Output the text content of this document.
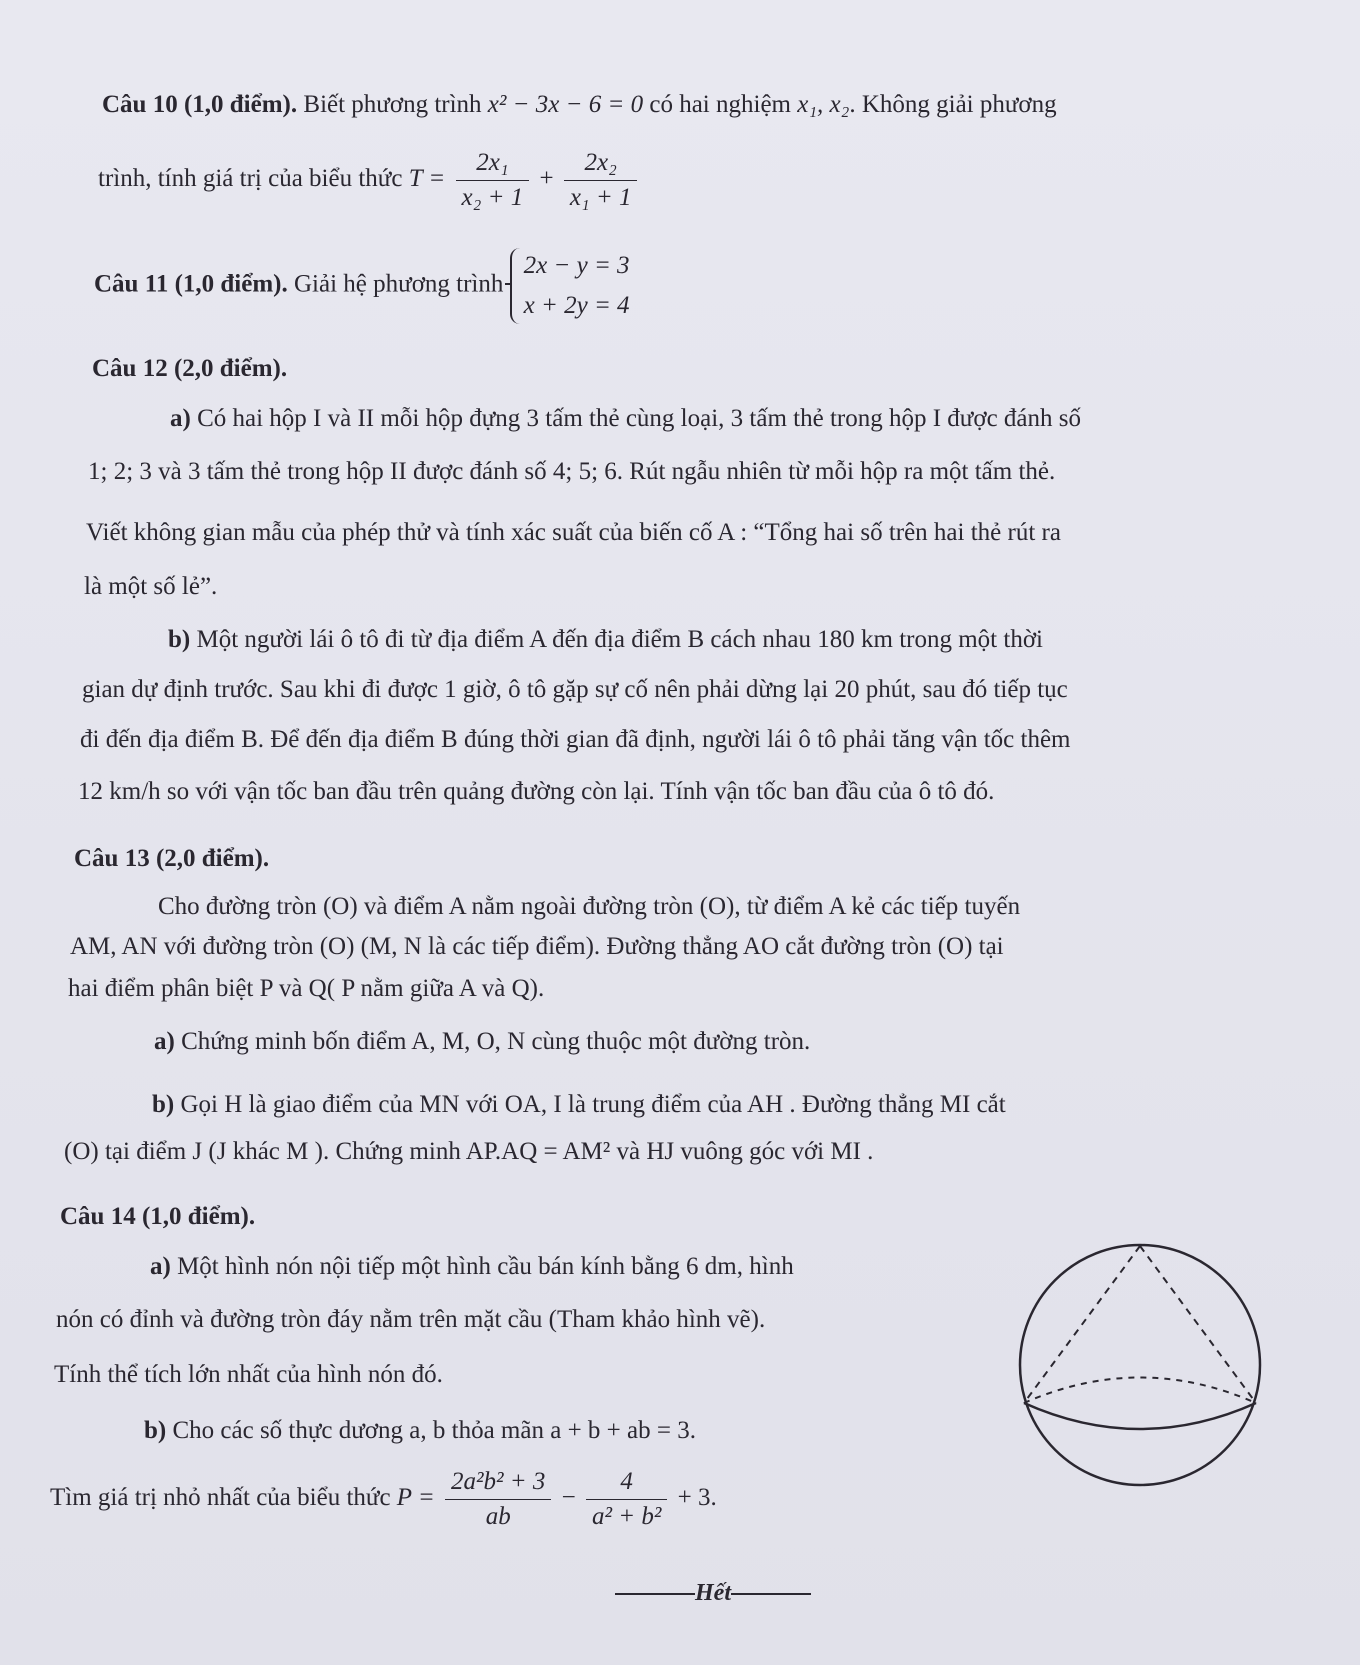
Câu 10 (1,0 điểm). Biết phương trình x² − 3x − 6 = 0 có hai nghiệm x₁, x₂. Không giải phương
trình, tính giá trị của biểu thức $T = \frac{\text{2x₁}}{\text{x₂ + 1}} + \frac{\text{2x₂}}{\text{x₁ + 1}}$
Câu 11 (1,0 điểm). Giải hệ phương trình
2x − y = 3
x + 2y = 4
Câu 12 (2,0 điểm).
a) Có hai hộp I và II mỗi hộp đựng 3 tấm thẻ cùng loại, 3 tấm thẻ trong hộp I được đánh số
1; 2; 3 và 3 tấm thẻ trong hộp II được đánh số 4; 5; 6. Rút ngẫu nhiên từ mỗi hộp ra một tấm thẻ.
Viết không gian mẫu của phép thử và tính xác suất của biến cố A : “Tổng hai số trên hai thẻ rút ra
là một số lẻ”.
b) Một người lái ô tô đi từ địa điểm A đến địa điểm B cách nhau 180 km trong một thời
gian dự định trước. Sau khi đi được 1 giờ, ô tô gặp sự cố nên phải dừng lại 20 phút, sau đó tiếp tục
đi đến địa điểm B. Để đến địa điểm B đúng thời gian đã định, người lái ô tô phải tăng vận tốc thêm
12 km/h so với vận tốc ban đầu trên quảng đường còn lại. Tính vận tốc ban đầu của ô tô đó.
Câu 13 (2,0 điểm).
Cho đường tròn (O) và điểm A nằm ngoài đường tròn (O), từ điểm A kẻ các tiếp tuyến
AM, AN với đường tròn (O) (M, N là các tiếp điểm). Đường thẳng AO cắt đường tròn (O) tại
hai điểm phân biệt P và Q( P nằm giữa A và Q).
a) Chứng minh bốn điểm A, M, O, N cùng thuộc một đường tròn.
b) Gọi H là giao điểm của MN với OA, I là trung điểm của AH . Đường thẳng MI cắt
(O) tại điểm J (J khác M ). Chứng minh AP.AQ = AM² và HJ vuông góc với MI .
Câu 14 (1,0 điểm).
a) Một hình nón nội tiếp một hình cầu bán kính bằng 6 dm, hình
nón có đỉnh và đường tròn đáy nằm trên mặt cầu (Tham khảo hình vẽ).
Tính thể tích lớn nhất của hình nón đó.
b) Cho các số thực dương a, b thỏa mãn a + b + ab = 3.
Tìm giá trị nhỏ nhất của biểu thức $P = \frac{\text{2a²b² + 3}}{ab} - \frac{4}{\text{a² + b²}} + 3$.
Hết
